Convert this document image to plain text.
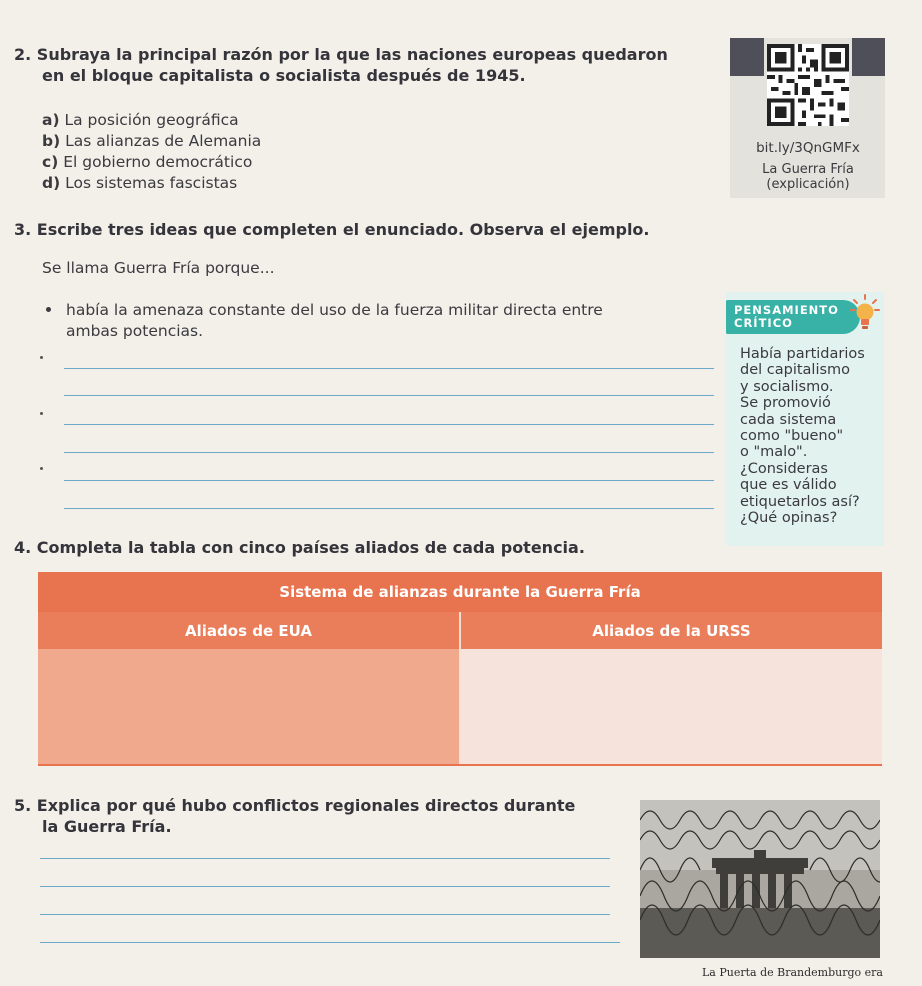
2. Subraya la principal razón por la que las naciones europeas quedaron
en el bloque capitalista o socialista después de 1945.
a) La posición geográfica
b) Las alianzas de Alemania
c) El gobierno democrático
d) Los sistemas fascistas
bit.ly/3QnGMFx
La Guerra Fría
(explicación)
3. Escribe tres ideas que completen el enunciado. Observa el ejemplo.
Se llama Guerra Fría porque...
había la amenaza constante del uso de la fuerza militar directa entre
ambas potencias.
PENSAMIENTO
CRÍTICO
Había partidarios
del capitalismo
y socialismo.
Se promovió
cada sistema
como "bueno"
o "malo".
¿Consideras
que es válido
etiquetarlos así?
¿Qué opinas?
4. Completa la tabla con cinco países aliados de cada potencia.
Sistema de alianzas durante la Guerra Fría	
Aliados de EUA	Aliados de la URSS

5. Explica por qué hubo conflictos regionales directos durante
la Guerra Fría.
La Puerta de Brandemburgo era
